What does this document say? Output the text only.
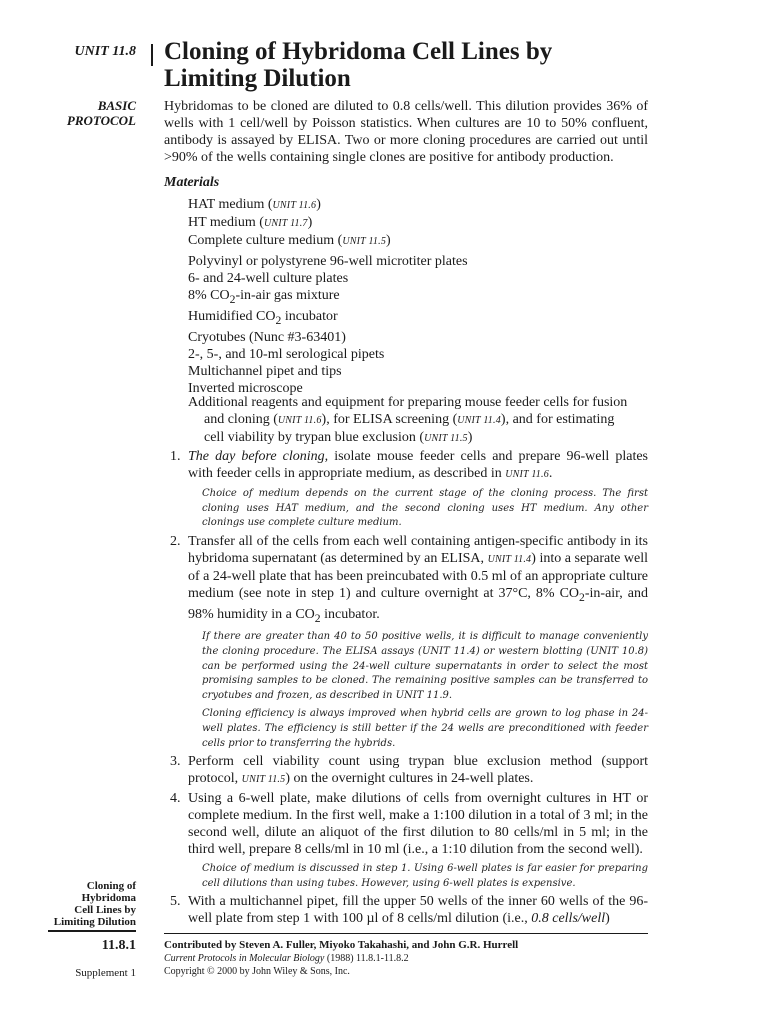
UNIT 11.8
BASIC
PROTOCOL
Cloning of
Hybridoma
Cell Lines by
Limiting Dilution
11.8.1
Supplement 1
Cloning of Hybridoma Cell Lines by
Limiting Dilution

Hybridomas to be cloned are diluted to 0.8 cells/well. This dilution provides 36% of wells with 1 cell/well by Poisson statistics. When cultures are 10 to 50% confluent, antibody is assayed by ELISA. Two or more cloning procedures are carried out until >90% of the wells containing single clones are positive for antibody production.

Materials
HAT medium (UNIT 11.6)
HT medium (UNIT 11.7)
Complete culture medium (UNIT 11.5)
Polyvinyl or polystyrene 96-well microtiter plates
6- and 24-well culture plates
8% $CO_2-in$-air gas mixture
Humidified $CO_2$ incubator
Cryotubes (Nunc #3-63401)
2-, 5-, and 10-ml serological pipets
Multichannel pipet and tips
Inverted microscope

Additional reagents and equipment for preparing mouse feeder cells for fusion and cloning (UNIT 11.6), for ELISA screening (UNIT 11.4), and for estimating cell viability by trypan blue exclusion (UNIT 11.5)

1. The day before cloning, isolate mouse feeder cells and prepare 96-well plates with feeder cells in appropriate medium, as described in UNIT 11.6.
Choice of medium depends on the current stage of the cloning process. The first cloning uses HAT medium, and the second cloning uses HT medium. Any other clonings use complete culture medium.
2. Transfer all of the cells from each well containing antigen-specific antibody in its hybridoma supernatant (as determined by an ELISA, UNIT 11.4) into a separate well of a 24-well plate that has been preincubated with 0.5 ml of an appropriate culture medium (see note in step 1) and culture overnight at 37°C, 8% $CO_2-in$-air, and 98% humidity in a $CO_2$ incubator.
If there are greater than 40 to 50 positive wells, it is difficult to manage conveniently the cloning procedure. The ELISA assays (UNIT 11.4) or western blotting (UNIT 10.8) can be performed using the 24-well culture supernatants in order to select the most promising samples to be cloned. The remaining positive samples can be transferred to cryotubes and frozen, as described in UNIT 11.9.
Cloning efficiency is always improved when hybrid cells are grown to log phase in 24-well plates. The efficiency is still better if the 24 wells are preconditioned with feeder cells prior to transferring the hybrids.
3. Perform cell viability count using trypan blue exclusion method (support protocol, UNIT 11.5) on the overnight cultures in 24-well plates.
4. Using a 6-well plate, make dilutions of cells from overnight cultures in HT or complete medium. In the first well, make a 1:100 dilution in a total of 3 ml; in the second well, dilute an aliquot of the first dilution to 80 cells/ml in 5 ml; in the third well, prepare 8 cells/ml in 10 ml (i.e., a 1:10 dilution from the second well).
Choice of medium is discussed in step 1. Using 6-well plates is far easier for preparing cell dilutions than using tubes. However, using 6-well plates is expensive.
5. With a multichannel pipet, fill the upper 50 wells of the inner 60 wells of the 96-well plate from step 1 with 100 µl of 8 cells/ml dilution (i.e., 0.8 cells/well)
Contributed by Steven A. Fuller, Miyoko Takahashi, and John G.R. Hurrell
Current Protocols in Molecular Biology (1988) 11.8.1-11.8.2
Copyright © 2000 by John Wiley & Sons, Inc.
